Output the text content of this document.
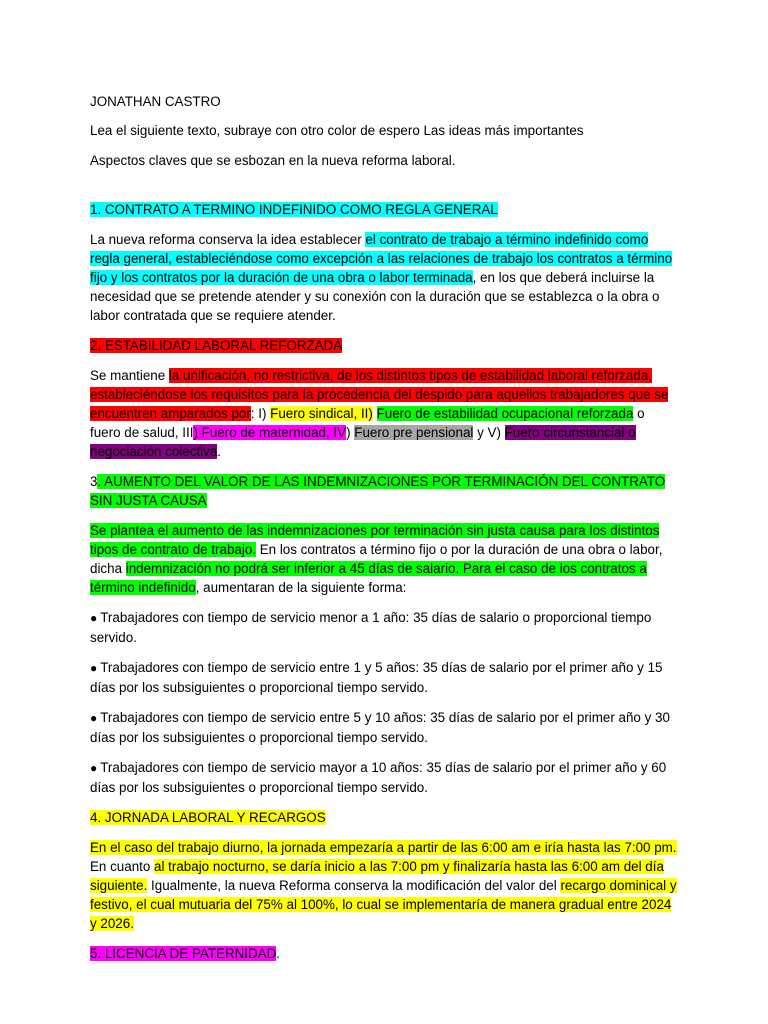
JONATHAN CASTRO

Lea el siguiente texto, subraye con otro color de espero Las ideas más importantes

Aspectos claves que se esbozan en la nueva reforma laboral.

1. CONTRATO A TERMINO INDEFINIDO COMO REGLA GENERAL

La nueva reforma conserva la idea establecer el contrato de trabajo a término indefinido como regla general, estableciéndose como excepción a las relaciones de trabajo los contratos a término fijo y los contratos por la duración de una obra o labor terminada, en los que deberá incluirse la necesidad que se pretende atender y su conexión con la duración que se establezca o la obra o labor contratada que se requiere atender.

2. ESTABILIDAD LABORAL REFORZADA

Se mantiene la unificación, no restrictiva, de los distintos tipos de estabilidad laboral reforzada, estableciéndose los requisitos para la procedencia del despido para aquellos trabajadores que se encuentren amparados por: I) Fuero sindical, II) Fuero de estabilidad ocupacional reforzada o fuero de salud, III) Fuero de maternidad, IV) Fuero pre pensional y V) Fuero circunstancial o negociación colectiva.

3. AUMENTO DEL VALOR DE LAS INDEMNIZACIONES POR TERMINACIÓN DEL CONTRATO SIN JUSTA CAUSA

Se plantea el aumento de las indemnizaciones por terminación sin justa causa para los distintos tipos de contrato de trabajo. En los contratos a término fijo o por la duración de una obra o labor, dicha indemnización no podrá ser inferior a 45 días de salario. Para el caso de los contratos a término indefinido, aumentaran de la siguiente forma:

● Trabajadores con tiempo de servicio menor a 1 año: 35 días de salario o proporcional tiempo servido.

● Trabajadores con tiempo de servicio entre 1 y 5 años: 35 días de salario por el primer año y 15 días por los subsiguientes o proporcional tiempo servido.

● Trabajadores con tiempo de servicio entre 5 y 10 años: 35 días de salario por el primer año y 30 días por los subsiguientes o proporcional tiempo servido.

● Trabajadores con tiempo de servicio mayor a 10 años: 35 días de salario por el primer año y 60 días por los subsiguientes o proporcional tiempo servido.

4. JORNADA LABORAL Y RECARGOS

En el caso del trabajo diurno, la jornada empezaría a partir de las 6:00 am e iría hasta las 7:00 pm. En cuanto al trabajo nocturno, se daría inicio a las 7:00 pm y finalizaría hasta las 6:00 am del día siguiente. Igualmente, la nueva Reforma conserva la modificación del valor del recargo dominical y festivo, el cual mutuaria del 75% al 100%, lo cual se implementaría de manera gradual entre 2024 y 2026.

5. LICENCIA DE PATERNIDAD.
